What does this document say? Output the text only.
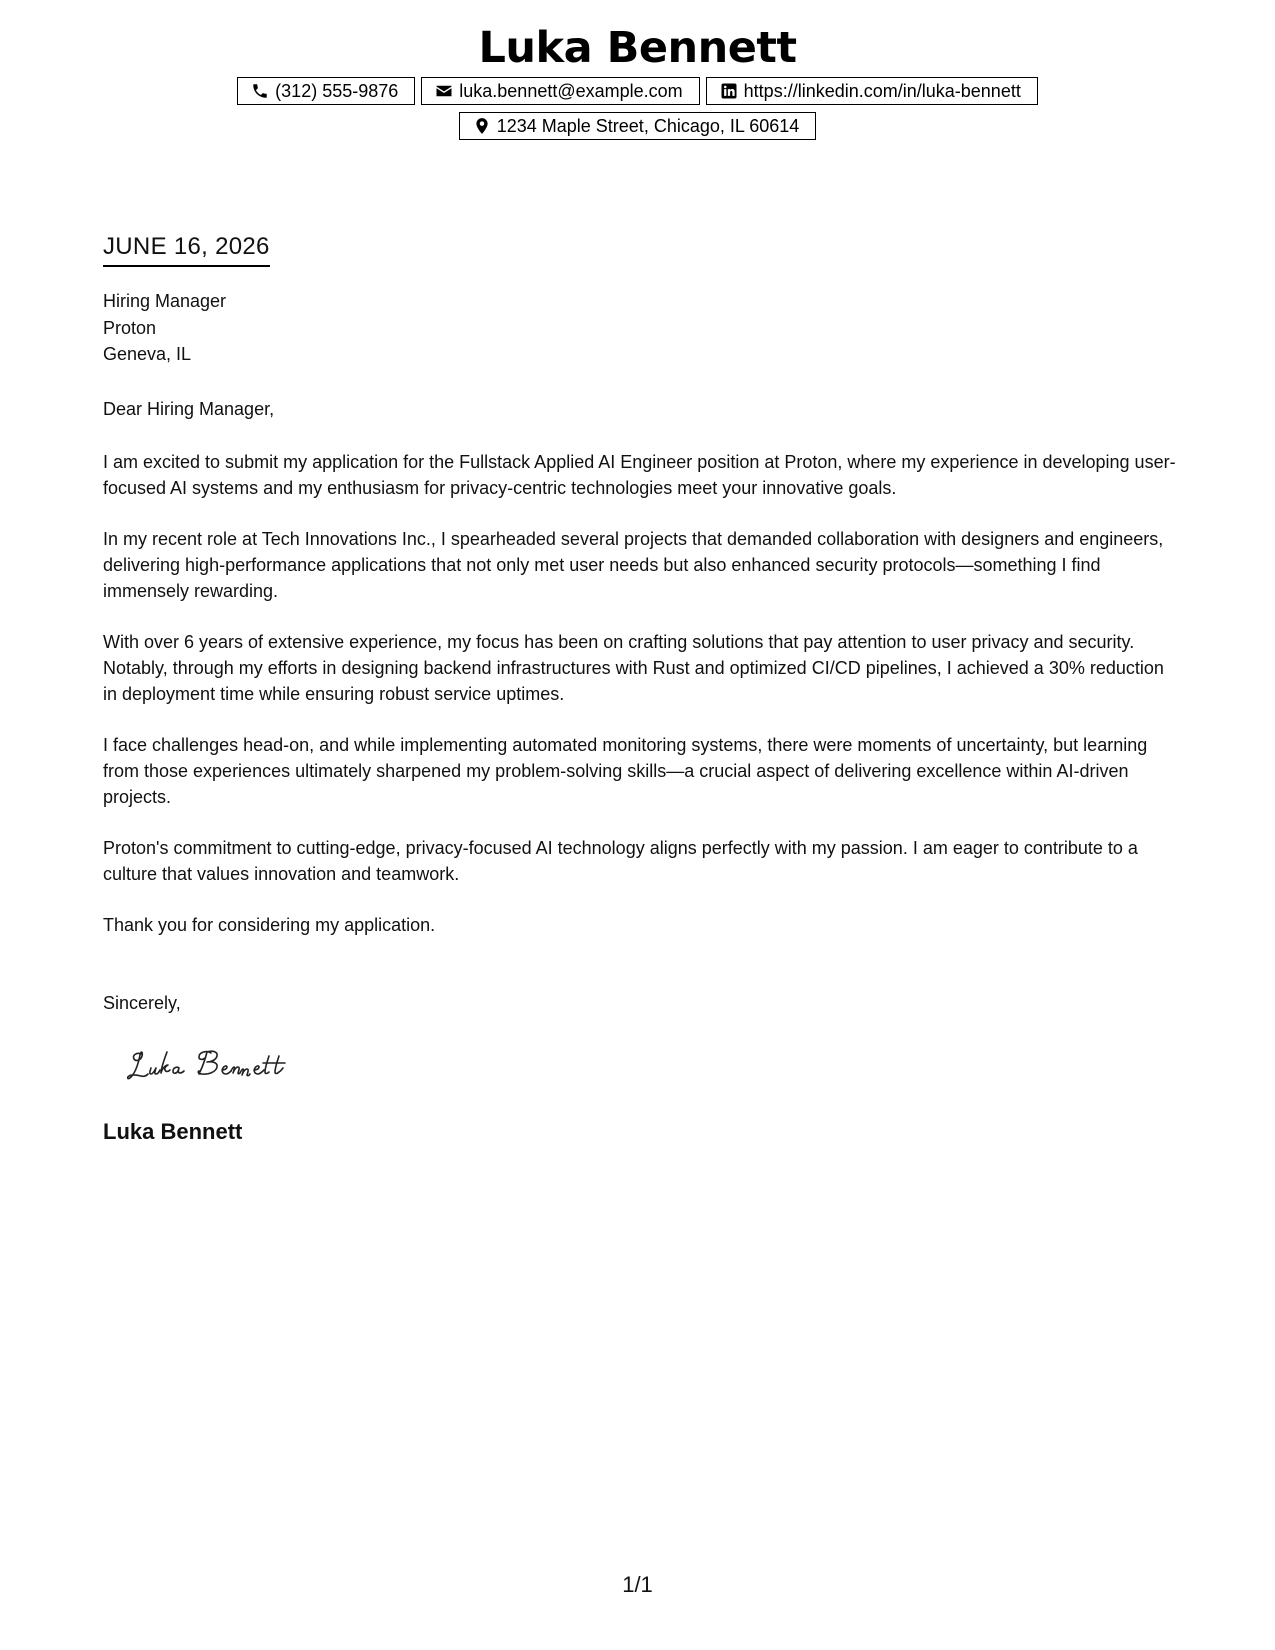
Luka Bennett
(312) 555-9876	luka.bennett@example.com	https://linkedin.com/in/luka-bennett
1234 Maple Street, Chicago, IL 60614
JUNE 16, 2026
Hiring Manager
Proton
Geneva, IL
Dear Hiring Manager,

I am excited to submit my application for the Fullstack Applied AI Engineer position at Proton, where my experience in developing user-focused AI systems and my enthusiasm for privacy-centric technologies meet your innovative goals.

In my recent role at Tech Innovations Inc., I spearheaded several projects that demanded collaboration with designers and engineers, delivering high-performance applications that not only met user needs but also enhanced security protocols—something I find immensely rewarding.

With over 6 years of extensive experience, my focus has been on crafting solutions that pay attention to user privacy and security. Notably, through my efforts in designing backend infrastructures with Rust and optimized CI/CD pipelines, I achieved a 30% reduction in deployment time while ensuring robust service uptimes.

I face challenges head-on, and while implementing automated monitoring systems, there were moments of uncertainty, but learning from those experiences ultimately sharpened my problem-solving skills—a crucial aspect of delivering excellence within AI-driven projects.

Proton's commitment to cutting-edge, privacy-focused AI technology aligns perfectly with my passion. I am eager to contribute to a culture that values innovation and teamwork.

Thank you for considering my application.

Sincerely,
Luka Bennett
1/1
